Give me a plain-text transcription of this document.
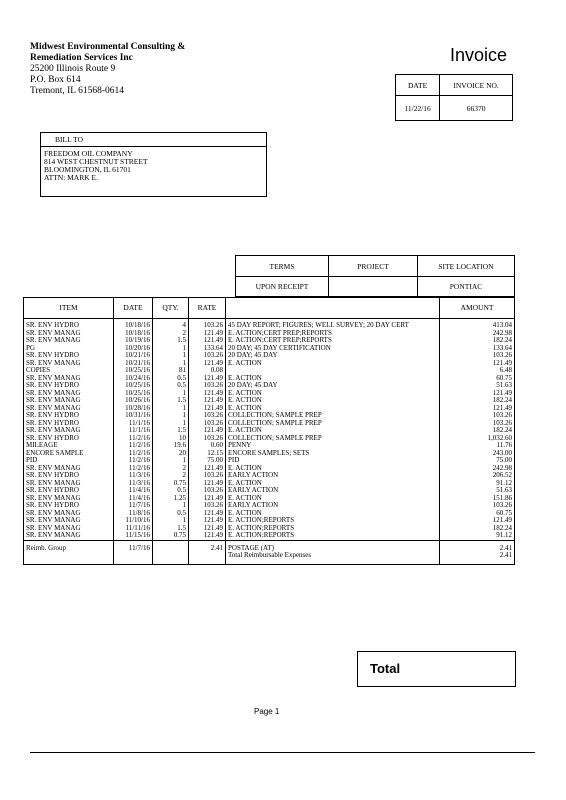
Midwest Environmental Consulting &
Remediation Services Inc
25200 Illinois Route 9
P.O. Box 614
Tremont, IL 61568-0614
Invoice
DATE	INVOICE NO.
11/22/16	66370
BILL TO
FREEDOM OIL COMPANY
814 WEST CHESTNUT STREET
BLOOMINGTON, IL 61701
ATTN: MARK E.
TERMS	PROJECT	SITE LOCATION
UPON RECEIPT		PONTIAC
ITEM	DATE	QTY.	RATE		AMOUNT
SR. ENV HYDRO	10/18/16	4	103.26	45 DAY REPORT; FIGURES; WELL SURVEY; 20 DAY CERT	413.04
SR. ENV MANAG	10/18/16	2	121.49	E. ACTION;CERT PREP;REPORTS	242.98
SR. ENV MANAG	10/19/16	1.5	121.49	E. ACTION;CERT PREP;REPORTS	182.24
PG	10/20/16	1	133.64	20 DAY; 45 DAY CERTIFICATION	133.64
SR. ENV HYDRO	10/21/16	1	103.26	20 DAY; 45 DAY	103.26
SR. ENV MANAG	10/21/16	1	121.49	E. ACTION	121.49
COPIES	10/25/16	81	0.08		6.48
SR. ENV MANAG	10/24/16	0.5	121.49	E. ACTION	60.75
SR. ENV HYDRO	10/25/16	0.5	103.26	20 DAY; 45 DAY	51.63
SR. ENV MANAG	10/25/16	1	121.49	E. ACTION	121.49
SR. ENV MANAG	10/26/16	1.5	121.49	E. ACTION	182.24
SR. ENV MANAG	10/28/16	1	121.49	E. ACTION	121.49
SR. ENV HYDRO	10/31/16	1	103.26	COLLECTION; SAMPLE PREP	103.26
SR. ENV HYDRO	11/1/16	1	103.26	COLLECTION; SAMPLE PREP	103.26
SR. ENV MANAG	11/1/16	1.5	121.49	E. ACTION	182.24
SR. ENV HYDRO	11/2/16	10	103.26	COLLECTION; SAMPLE PREP	1,032.60
MILEAGE	11/2/16	19.6	0.60	PENNY	11.76
ENCORE SAMPLE	11/2/16	20	12.15	ENCORE SAMPLES; SETS	243.00
PID	11/2/16	1	75.00	PID	75.00
SR. ENV MANAG	11/2/16	2	121.49	E. ACTION	242.98
SR. ENV HYDRO	11/3/16	2	103.26	EARLY ACTION	206.52
SR. ENV MANAG	11/3/16	0.75	121.49	E. ACTION	91.12
SR. ENV HYDRO	11/4/16	0.5	103.26	EARLY ACTION	51.63
SR. ENV MANAG	11/4/16	1.25	121.49	E. ACTION	151.86
SR. ENV HYDRO	11/7/16	1	103.26	EARLY ACTION	103.26
SR. ENV MANAG	11/8/16	0.5	121.49	E. ACTION	60.75
SR. ENV MANAG	11/10/16	1	121.49	E. ACTION;REPORTS	121.49
SR. ENV MANAG	11/11/16	1.5	121.49	E. ACTION;REPORTS	182.24
SR. ENV MANAG	11/15/16	0.75	121.49	E. ACTION;REPORTS	91.12
Reimb. Group	11/7/16		2.41	POSTAGE (AT)	2.41
				Total Reimbursable Expenses	2.41
Total
Page 1
